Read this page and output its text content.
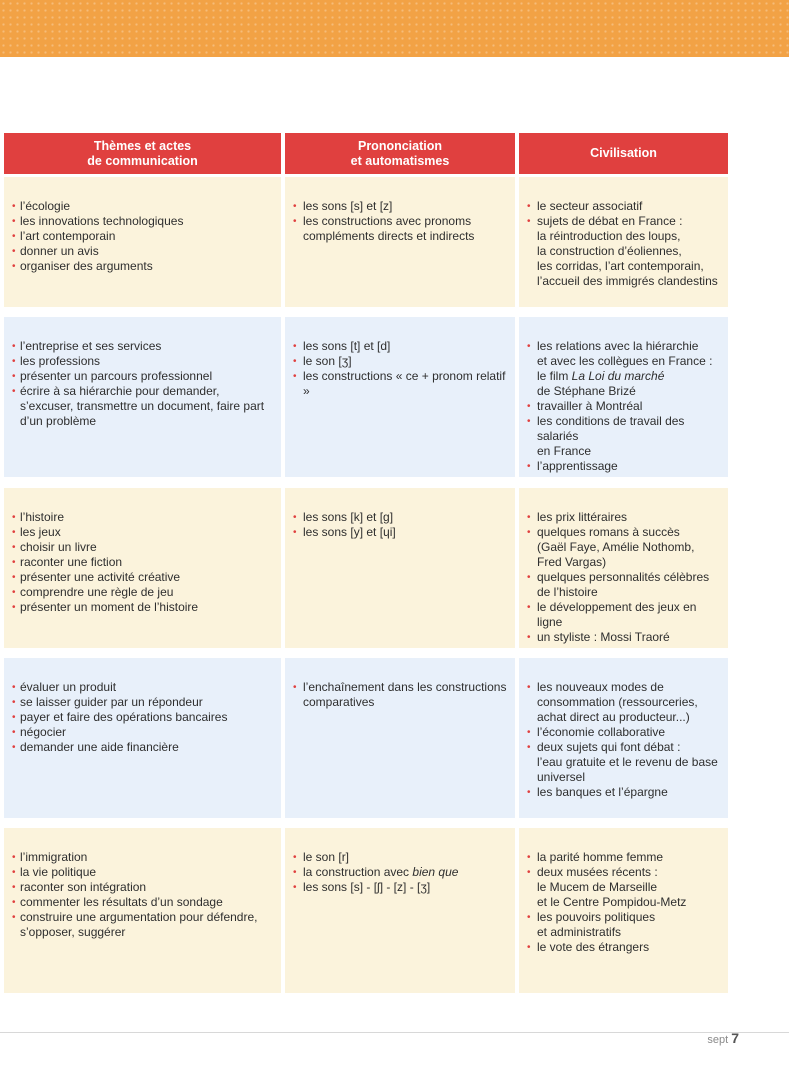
Thèmes et actes
de communication
Prononciation
et automatismes
Civilisation
• l’écologie
• les innovations technologiques
• l’art contemporain
• donner un avis
• organiser des arguments
• les sons [s] et [z]
• les constructions avec pronoms
compléments directs et indirects
• le secteur associatif
• sujets de débat en France :
la réintroduction des loups,
la construction d’éoliennes,
les corridas, l’art contemporain,
l’accueil des immigrés clandestins
• l’entreprise et ses services
• les professions
• présenter un parcours professionnel
• écrire à sa hiérarchie pour demander, s’excuser, transmettre un document, faire part d’un problème
• les sons [t] et [d]
• le son [ʒ]
• les constructions « ce + pronom relatif »
• les relations avec la hiérarchie
et avec les collègues en France :
le film La Loi du marché
de Stéphane Brizé
• travailler à Montréal
• les conditions de travail des salariés
en France
• l’apprentissage
• l’histoire
• les jeux
• choisir un livre
• raconter une fiction
• présenter une activité créative
• comprendre une règle de jeu
• présenter un moment de l’histoire
• les sons [k] et [g]
• les sons [y] et [ɥi]
• les prix littéraires
• quelques romans à succès
(Gaël Faye, Amélie Nothomb,
Fred Vargas)
• quelques personnalités célèbres
de l’histoire
• le développement des jeux en ligne
• un styliste : Mossi Traoré
• évaluer un produit
• se laisser guider par un répondeur
• payer et faire des opérations bancaires
• négocier
• demander une aide financière
• l’enchaînement dans les constructions
comparatives
• les nouveaux modes de
consommation (ressourceries,
achat direct au producteur...)
• l’économie collaborative
• deux sujets qui font débat :
l’eau gratuite et le revenu de base
universel
• les banques et l’épargne
• l’immigration
• la vie politique
• raconter son intégration
• commenter les résultats d’un sondage
• construire une argumentation pour défendre, s’opposer, suggérer
• le son [r]
• la construction avec bien que
• les sons [s] - [ʃ] - [z] - [ʒ]
• la parité homme femme
• deux musées récents :
le Mucem de Marseille
et le Centre Pompidou-Metz
• les pouvoirs politiques
et administratifs
• le vote des étrangers
sept 7
